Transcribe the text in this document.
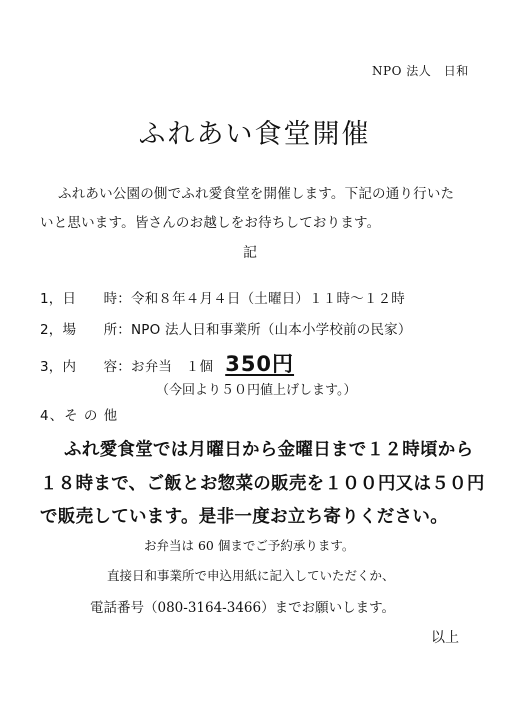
NPO 法人　日和
ふれあい食堂開催
ふれあい公園の側でふれ愛食堂を開催します。下記の通り行いた
いと思います。皆さんのお越しをお待ちしております。
記
1，日　　時：令和８年４月４日（土曜日）１１時〜１２時
2，場　　所：NPO 法人日和事業所（山本小学校前の民家）
3，内　　容：お弁当　１個 350円
（今回より５０円値上げします。）
4、そ の 他
ふれ愛食堂では月曜日から金曜日まで１２時頃から
１８時まで、ご飯とお惣菜の販売を１００円又は５０円
で販売しています。是非一度お立ち寄りください。
お弁当は 60 個までご予約承ります。
直接日和事業所で申込用紙に記入していただくか、
電話番号（080-3164-3466）までお願いします。
以上
